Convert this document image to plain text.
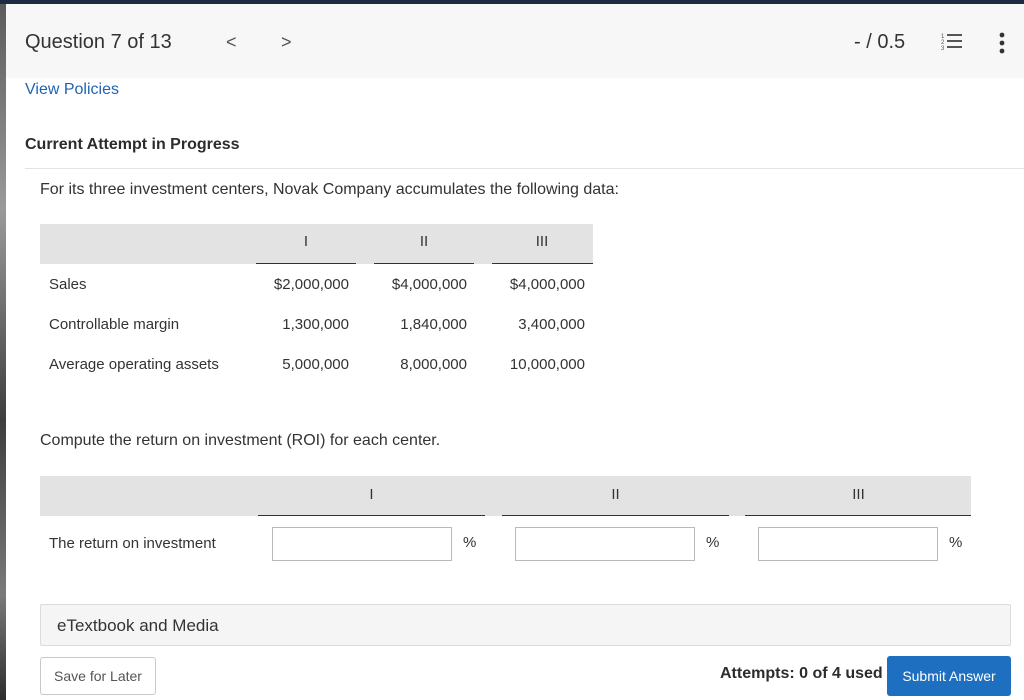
Question 7 of 13	< >	- / 0.5	1
2
3
View Policies
Current Attempt in Progress
For its three investment centers, Novak Company accumulates the following data:
I	II	III
Sales	$2,000,000	$4,000,000	$4,000,000
Controllable margin	1,300,000	1,840,000	3,400,000
Average operating assets	5,000,000	8,000,000	10,000,000
Compute the return on investment (ROI) for each center.
I	II	III
The return on investment	%	%	%
eTextbook and Media
Save for Later	Attempts: 0 of 4 used	Submit Answer
